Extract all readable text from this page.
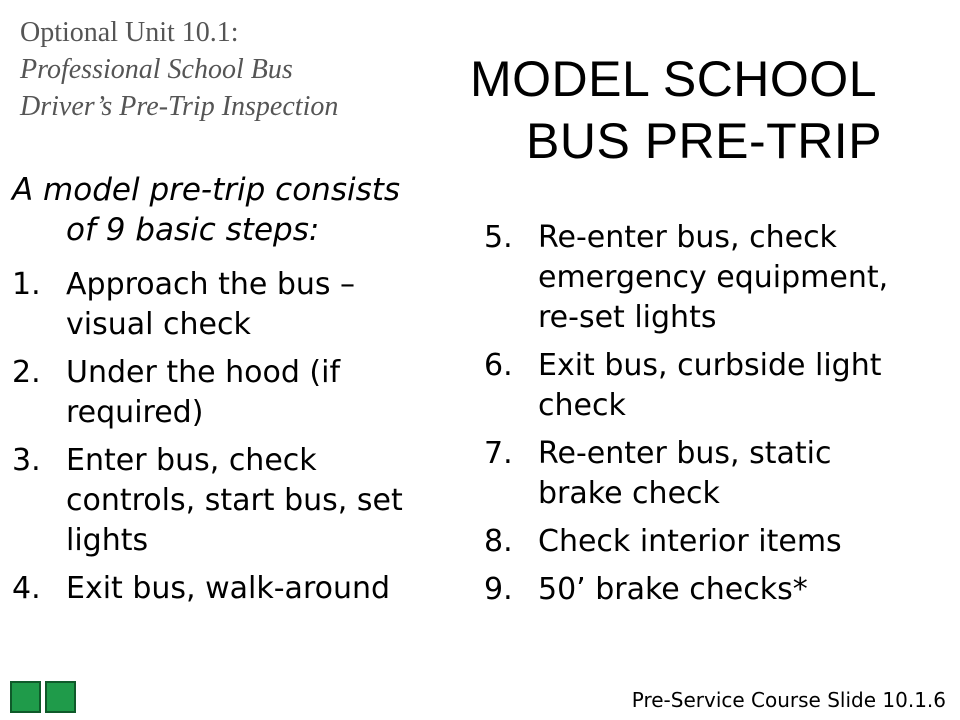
Optional Unit 10.1:
Professional School Bus
Driver’s Pre-Trip Inspection	MODEL SCHOOL
BUS PRE-TRIP

A model pre-trip consists
of 9 basic steps:

1. Approach the bus –
visual check
2. Under the hood (if
required)
3. Enter bus, check
controls, start bus, set
lights
4. Exit bus, walk-around
5. Re-enter bus, check
emergency equipment,
re-set lights
6. Exit bus, curbside light
check
7. Re-enter bus, static
brake check
8. Check interior items
9. 50’ brake checks*
Pre-Service Course Slide 10.1.6
